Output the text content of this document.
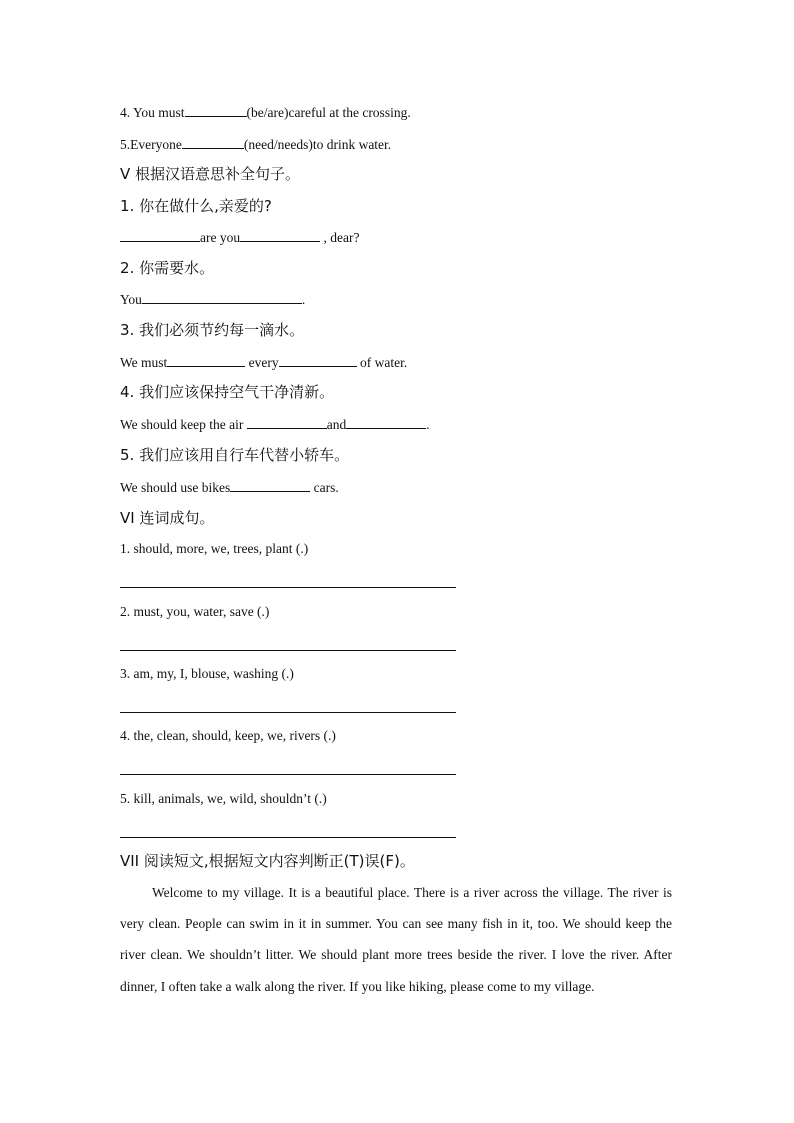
4. You must	(be/are)careful at the crossing.
5.Everyone	(need/needs)to drink water.
V 根据汉语意思补全句子。
1. 你在做什么,亲爱的?
are you	, dear?
2. 你需要水。
You	.
3. 我们必须节约每一滴水。
We must	every	of water.
4. 我们应该保持空气干净清新。
We should keep the air	and	.
5. 我们应该用自行车代替小轿车。
We should use bikes	cars.
VI 连词成句。
1. should, more, we, trees, plant (.)
2. must, you, water, save (.)
3. am, my, I, blouse, washing (.)
4. the, clean, should, keep, we, rivers (.)
5. kill, animals, we, wild, shouldn’t (.)
VII 阅读短文,根据短文内容判断正(T)误(F)。

Welcome to my village. It is a beautiful place. There is a river across the village. The river is very clean. People can swim in it in summer. You can see many fish in it, too. We should keep the river clean. We shouldn’t litter. We should plant more trees beside the river. I love the river. After dinner, I often take a walk along the river. If you like hiking, please come to my village.
